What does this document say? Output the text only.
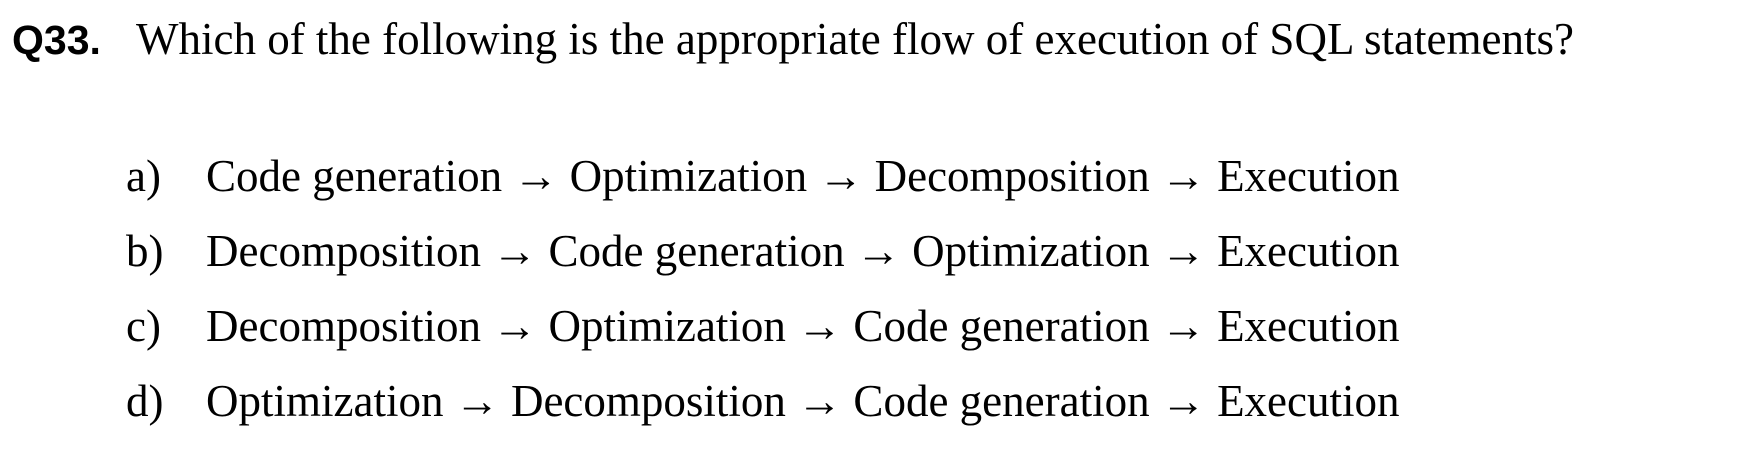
Q33. Which of the following is the appropriate flow of execution of SQL statements?
a) Code generation → Optimization → Decomposition → Execution
b) Decomposition → Code generation → Optimization → Execution
c) Decomposition → Optimization → Code generation → Execution
d) Optimization → Decomposition → Code generation → Execution
